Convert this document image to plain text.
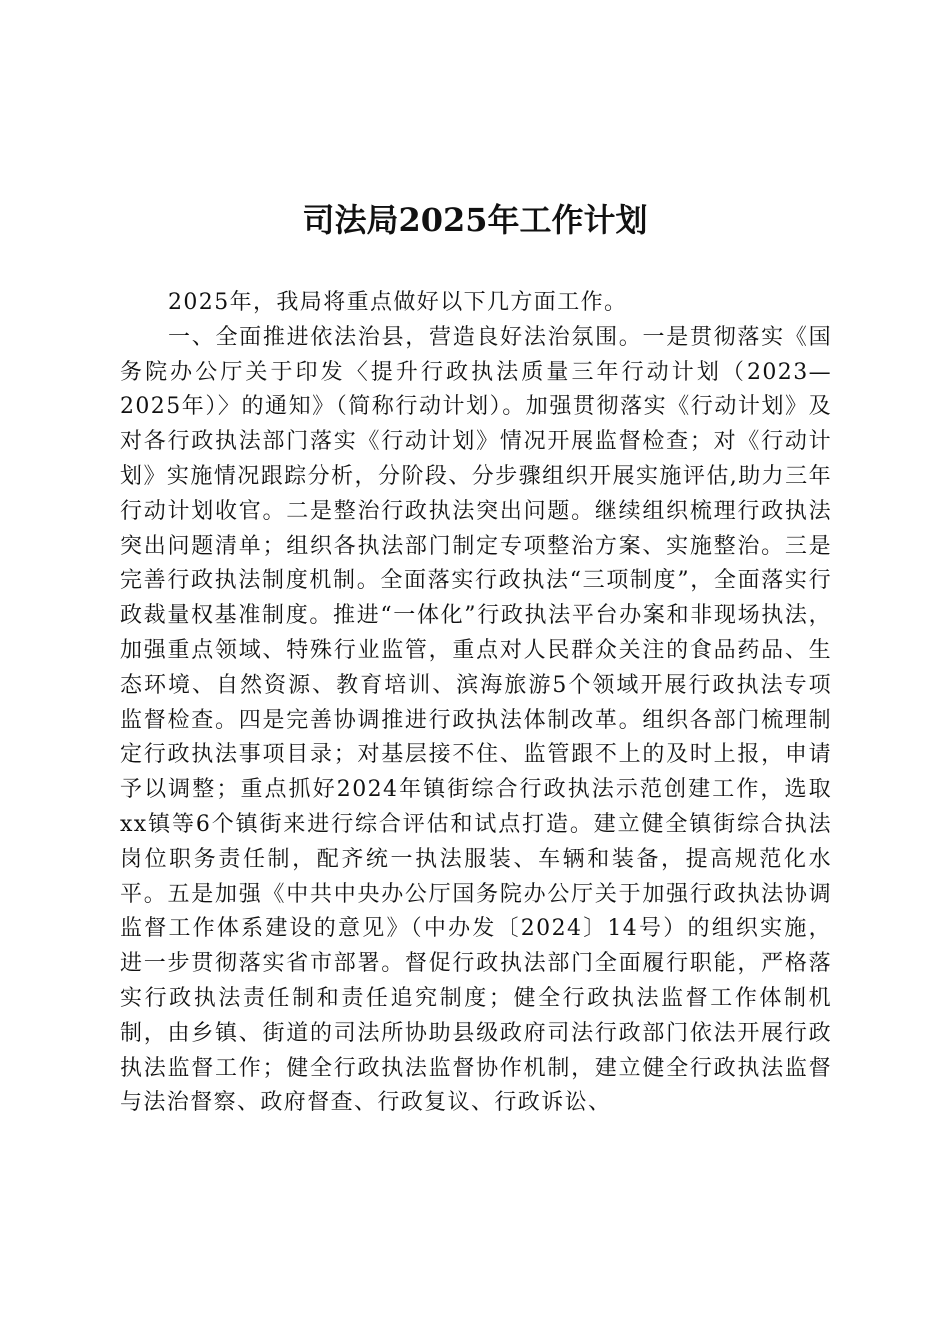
司法局2025年工作计划

2025年，我局将重点做好以下几方面工作。

一、全面推进依法治县，营造良好法治氛围。一是贯彻落实《国务院办公厅关于印发〈提升行政执法质量三年行动计划（2023—2025年）〉的通知》（简称行动计划）。加强贯彻落实《行动计划》及对各行政执法部门落实《行动计划》情况开展监督检查；对《行动计划》实施情况跟踪分析，分阶段、分步骤组织开展实施评估,助力三年行动计划收官。二是整治行政执法突出问题。继续组织梳理行政执法突出问题清单；组织各执法部门制定专项整治方案、实施整治。三是完善行政执法制度机制。全面落实行政执法“三项制度”，全面落实行政裁量权基准制度。推进“一体化”行政执法平台办案和非现场执法，加强重点领域、特殊行业监管，重点对人民群众关注的食品药品、生态环境、自然资源、教育培训、滨海旅游5个领域开展行政执法专项监督检查。四是完善协调推进行政执法体制改革。组织各部门梳理制定行政执法事项目录；对基层接不住、监管跟不上的及时上报，申请予以调整；重点抓好2024年镇街综合行政执法示范创建工作，选取xx镇等6个镇街来进行综合评估和试点打造。建立健全镇街综合执法岗位职务责任制，配齐统一执法服装、车辆和装备，提高规范化水平。五是加强《中共中央办公厅国务院办公厅关于加强行政执法协调监督工作体系建设的意见》（中办发〔2024〕14号）的组织实施，进一步贯彻落实省市部署。督促行政执法部门全面履行职能，严格落实行政执法责任制和责任追究制度；健全行政执法监督工作体制机制，由乡镇、街道的司法所协助县级政府司法行政部门依法开展行政执法监督工作；健全行政执法监督协作机制，建立健全行政执法监督与法治督察、政府督查、行政复议、行政诉讼、
